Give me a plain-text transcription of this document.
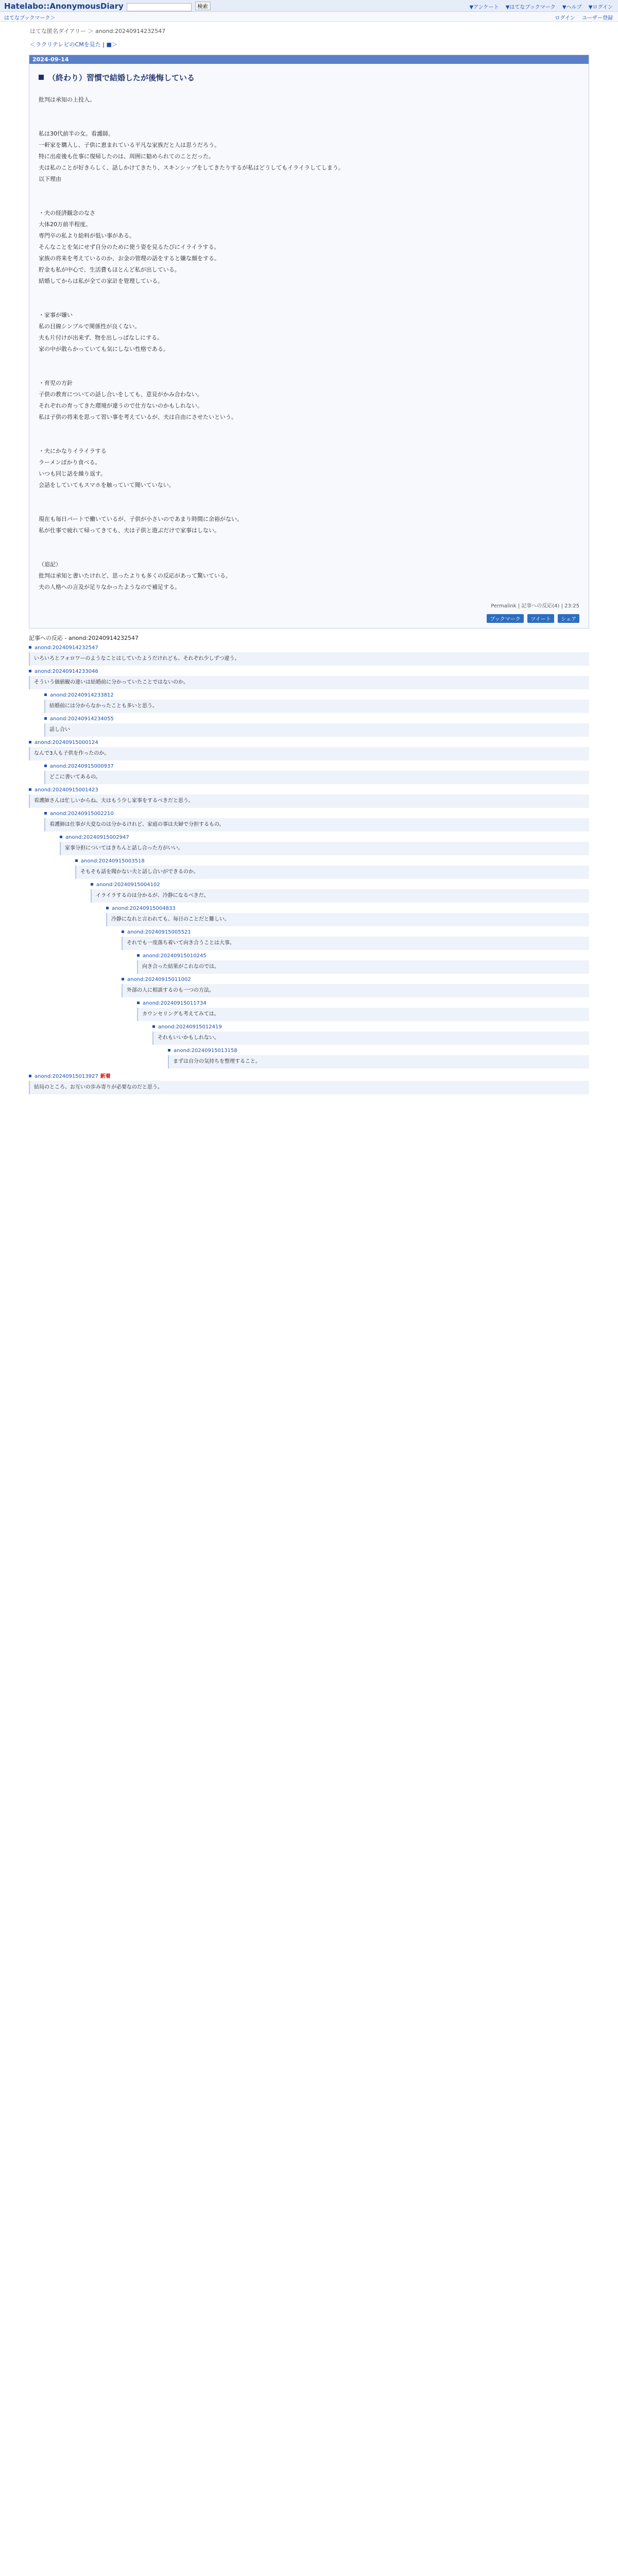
Hatelabo::AnonymousDiary	検索	▼アンケート ▼はてなブックマーク ▼ヘルプ ▼ログイン
はてなブックマーク＞	ログイン ユーザー登録
はてな匿名ダイアリー ＞ anond:20240914232547
＜ラクリテレビのCMを見た | ■＞
2024-09-14
（終わり）習慣で結婚したが後悔している

批判は承知の上投入。

私は30代前半の女。看護師。

一軒家を購入し、子供に恵まれている平凡な家族だと人は思うだろう。

特に出産後も仕事に復帰したのは、周囲に勧められてのことだった。

夫は私のことが好きらしく、話しかけてきたり、スキンシップをしてきたりするが私はどうしてもイライラしてしまう。

以下理由

・夫の経済観念のなさ

大体20万前半程度。

専門卒の私より給料が低い事がある。

そんなことを気にせず自分のために使う姿を見るたびにイライラする。

家族の将来を考えているのか、お金の管理の話をすると嫌な顔をする。

貯金も私が中心で、生活費もほとんど私が出している。

結婚してからは私が全ての家計を管理している。

・家事が嫌い

私の目線シンプルで関係性が良くない。

夫も片付けが出来ず、物を出しっぱなしにする。

家の中が散らかっていても気にしない性格である。

・育児の方針

子供の教育についての話し合いをしても、意見がかみ合わない。

それぞれの育ってきた環境が違うので仕方ないのかもしれない。

私は子供の将来を思って習い事を考えているが、夫は自由にさせたいという。

・夫にかなりイライラする

ラーメンばかり食べる。

いつも同じ話を繰り返す。

会話をしていてもスマホを触っていて聞いていない。

現在も毎日パートで働いているが、子供が小さいのであまり時間に余裕がない。

私が仕事で疲れて帰ってきても、夫は子供と遊ぶだけで家事はしない。

（追記）

批判は承知と書いたけれど、思ったよりも多くの反応があって驚いている。

夫の人格への言及が足りなかったようなので補足する。

Permalink | 記事への反応(4) | 23:25
ブックマーク ツイート シェア
記事への反応 - anond:20240914232547
anond:20240914232547
いろいろとフォロワーのようなことはしていたようだけれども、それぞれ少しずつ違う。
anond:20240914233046
そういう価値観の違いは結婚前に分かっていたことではないのか。
anond:20240914233812
結婚前には分からなかったことも多いと思う。
anond:20240914234055
話し合い
anond:20240915000124
なんで3人も子供を作ったのか。
anond:20240915000937
どこに書いてあるの。
anond:20240915001423
看護師さんは忙しいからね。夫はもう少し家事をするべきだと思う。
anond:20240915002210
看護師は仕事が大変なのは分かるけれど、家庭の事は夫婦で分担するもの。
anond:20240915002947
家事分担についてはきちんと話し合った方がいい。
anond:20240915003518
そもそも話を聞かない夫と話し合いができるのか。
anond:20240915004102
イライラするのは分かるが、冷静になるべきだ。
anond:20240915004833
冷静になれと言われても、毎日のことだと難しい。
anond:20240915005521
それでも一度落ち着いて向き合うことは大事。
anond:20240915010245
向き合った結果がこれなのでは。
anond:20240915011002
外部の人に相談するのも一つの方法。
anond:20240915011734
カウンセリングも考えてみては。
anond:20240915012419
それもいいかもしれない。
anond:20240915013158
まずは自分の気持ちを整理すること。
anond:20240915013927 新着
結局のところ、お互いの歩み寄りが必要なのだと思う。
